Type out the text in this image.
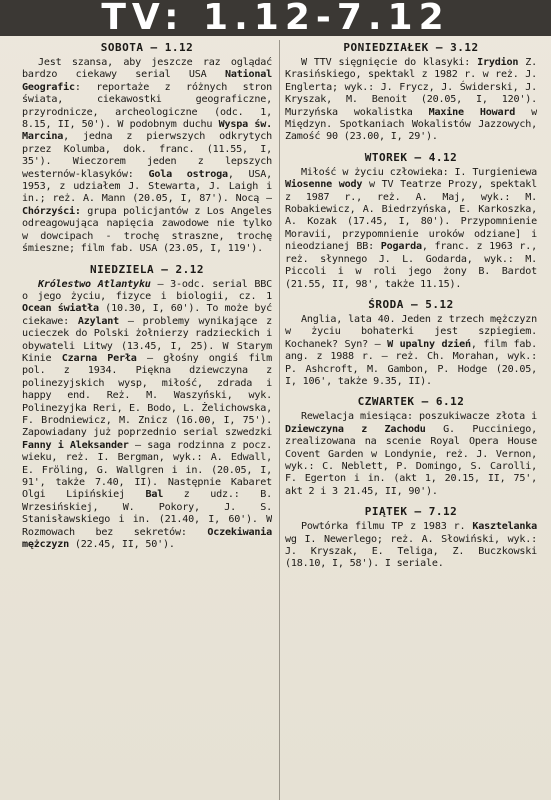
TV: 1.12-7.12
SOBOTA — 1.12

Jest szansa, aby jeszcze raz oglądać bardzo ciekawy serial USA National Geografic: reportaże z różnych stron świata, ciekawostki geograficzne, przyrodnicze, archeologiczne (odc. 1, 8.15, II, 50'). W podobnym duchu Wyspa św. Marcina, jedna z pierwszych odkrytych przez Kolumba, dok. franc. (11.55, I, 35'). Wieczorem jeden z lepszych westernów-klasyków: Gola ostroga, USA, 1953, z udziałem J. Stewarta, J. Laigh i in.; reż. A. Mann (20.05, I, 87'). Nocą — Chórzyści: grupa policjantów z Los Angeles odreagowująca napięcia zawodowe nie tylko w dowcipach - trochę straszne, trochę śmieszne; film fab. USA (23.05, I, 119').

NIEDZIELA — 2.12

Królestwo Atlantyku — 3-odc. serial BBC o jego życiu, fizyce i biologii, cz. 1 Ocean światła (10.30, I, 60'). To może być ciekawe: Azylant — problemy wynikające z ucieczek do Polski żołnierzy radzieckich i obywateli Litwy (13.45, I, 25). W Starym Kinie Czarna Perła — głośny ongiś film pol. z 1934. Piękna dziewczyna z polinezyjskich wysp, miłość, zdrada i happy end. Reż. M. Waszyński, wyk. Polinezyjka Reri, E. Bodo, L. Żelichowska, F. Brodniewicz, M. Znicz (16.00, I, 75'). Zapowiadany już poprzednio serial szwedzki Fanny i Aleksander — saga rodzinna z pocz. wieku, reż. I. Bergman, wyk.: A. Edwall, E. Fröling, G. Wallgren i in. (20.05, I, 91', także 7.40, II). Następnie Kabaret Olgi Lipińskiej Bal z udz.: B. Wrzesińskiej, W. Pokory, J. S. Stanisławskiego i in. (21.40, I, 60'). W Rozmowach bez sekretów: Oczekiwania mężczyzn (22.45, II, 50').

PONIEDZIAŁEK — 3.12

W TTV sięgnięcie do klasyki: Irydion Z. Krasińskiego, spektakl z 1982 r. w reż. J. Englerta; wyk.: J. Frycz, J. Świderski, J. Kryszak, M. Benoit (20.05, I, 120'). Murzyńska wokalistka Maxine Howard w Międzyn. Spotkaniach Wokalistów Jazzowych, Zamość 90 (23.00, I, 29').

WTOREK — 4.12

Miłość w życiu człowieka: I. Turgieniewa Wiosenne wody w TV Teatrze Prozy, spektakl z 1987 r., reż. A. Maj, wyk.: M. Robakiewicz, A. Biedrzyńska, E. Karkoszka, A. Kozak (17.45, I, 80'). Przypomnienie Moravii, przypomnienie uroków odziane] i nieodzianej BB: Pogarda, franc. z 1963 r., reż. słynnego J. L. Godarda, wyk.: M. Piccoli i w roli jego żony B. Bardot (21.55, II, 98', także 11.15).

ŚRODA — 5.12

Anglia, lata 40. Jeden z trzech mężczyzn w życiu bohaterki jest szpiegiem. Kochanek? Syn? — W upalny dzień, film fab. ang. z 1988 r. — reż. Ch. Morahan, wyk.: P. Ashcroft, M. Gambon, P. Hodge (20.05, I, 106', także 9.35, II).

CZWARTEK — 6.12

Rewelacja miesiąca: poszukiwacze złota i Dziewczyna z Zachodu G. Pucciniego, zrealizowana na scenie Royal Opera House Covent Garden w Londynie, reż. J. Vernon, wyk.: C. Neblett, P. Domingo, S. Carolli, F. Egerton i in. (akt 1, 20.15, II, 75', akt 2 i 3 21.45, II, 90').

PIĄTEK — 7.12

Powtórka filmu TP z 1983 r. Kasztelanka wg I. Newerlego; reż. A. Słowiński, wyk.: J. Kryszak, E. Teliga, Z. Buczkowski (18.10, I, 58'). I seriale.
